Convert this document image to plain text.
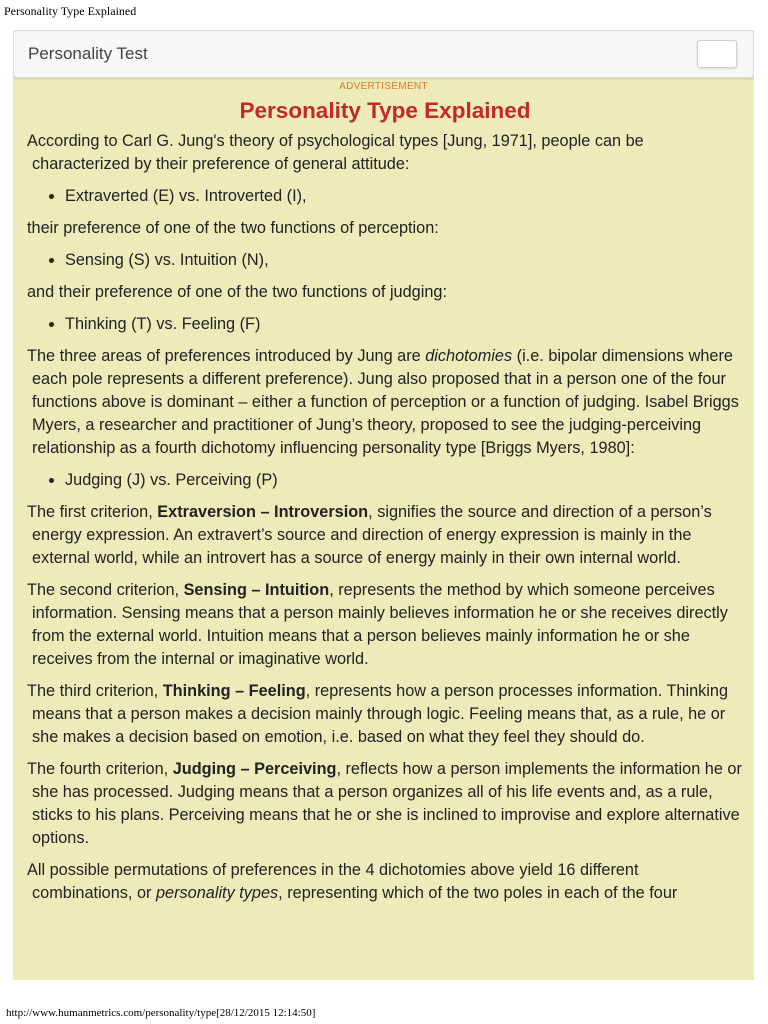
Personality Type Explained
Personality Test
ADVERTISEMENT
Personality Type Explained

According to Carl G. Jung's theory of psychological types [Jung, 1971], people can be characterized by their preference of general attitude:

• Extraverted (E) vs. Introverted (I),

their preference of one of the two functions of perception:

• Sensing (S) vs. Intuition (N),

and their preference of one of the two functions of judging:

• Thinking (T) vs. Feeling (F)

The three areas of preferences introduced by Jung are dichotomies (i.e. bipolar dimensions where each pole represents a different preference). Jung also proposed that in a person one of the four functions above is dominant – either a function of perception or a function of judging. Isabel Briggs Myers, a researcher and practitioner of Jung’s theory, proposed to see the judging-perceiving relationship as a fourth dichotomy influencing personality type [Briggs Myers, 1980]:

• Judging (J) vs. Perceiving (P)

The first criterion, Extraversion – Introversion, signifies the source and direction of a person’s energy expression. An extravert’s source and direction of energy expression is mainly in the external world, while an introvert has a source of energy mainly in their own internal world.

The second criterion, Sensing – Intuition, represents the method by which someone perceives information. Sensing means that a person mainly believes information he or she receives directly from the external world. Intuition means that a person believes mainly information he or she receives from the internal or imaginative world.

The third criterion, Thinking – Feeling, represents how a person processes information. Thinking means that a person makes a decision mainly through logic. Feeling means that, as a rule, he or she makes a decision based on emotion, i.e. based on what they feel they should do.

The fourth criterion, Judging – Perceiving, reflects how a person implements the information he or she has processed. Judging means that a person organizes all of his life events and, as a rule, sticks to his plans. Perceiving means that he or she is inclined to improvise and explore alternative options.

All possible permutations of preferences in the 4 dichotomies above yield 16 different combinations, or personality types, representing which of the two poles in each of the four

http://www.humanmetrics.com/personality/type[28/12/2015 12:14:50]
